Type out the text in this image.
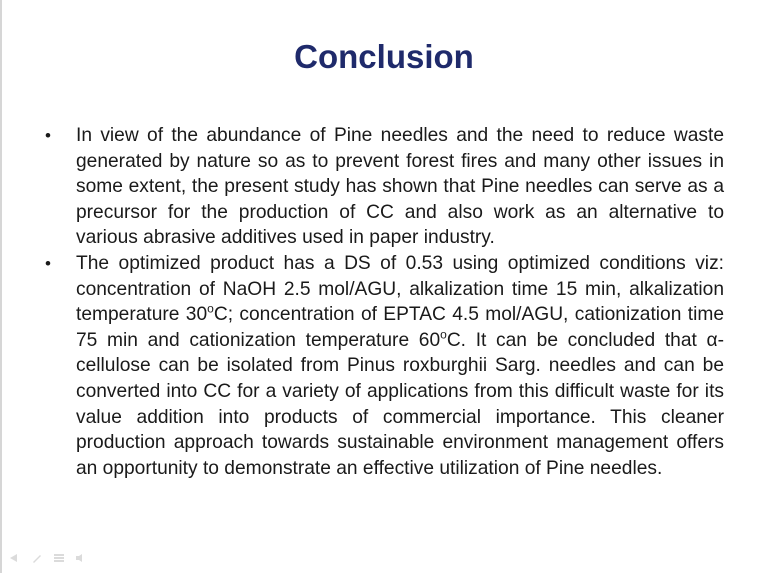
Conclusion
• In view of the abundance of Pine needles and the need to reduce waste generated by nature so as to prevent forest fires and many other issues in some extent, the present study has shown that Pine needles can serve as a precursor for the production of CC and also work as an alternative to various abrasive additives used in paper industry.
• The optimized product has a DS of 0.53 using optimized conditions viz: concentration of NaOH 2.5 mol/AGU, alkalization time 15 min, alkalization temperature 30$^o$C; concentration of EPTAC 4.5 mol/AGU, cationization time 75 min and cationization temperature 60$^o$C. It can be concluded that α-cellulose can be isolated from Pinus roxburghii Sarg. needles and can be converted into CC for a variety of applications from this difficult waste for its value addition into products of commercial importance. This cleaner production approach towards sustainable environment management offers an opportunity to demonstrate an effective utilization of Pine needles.
